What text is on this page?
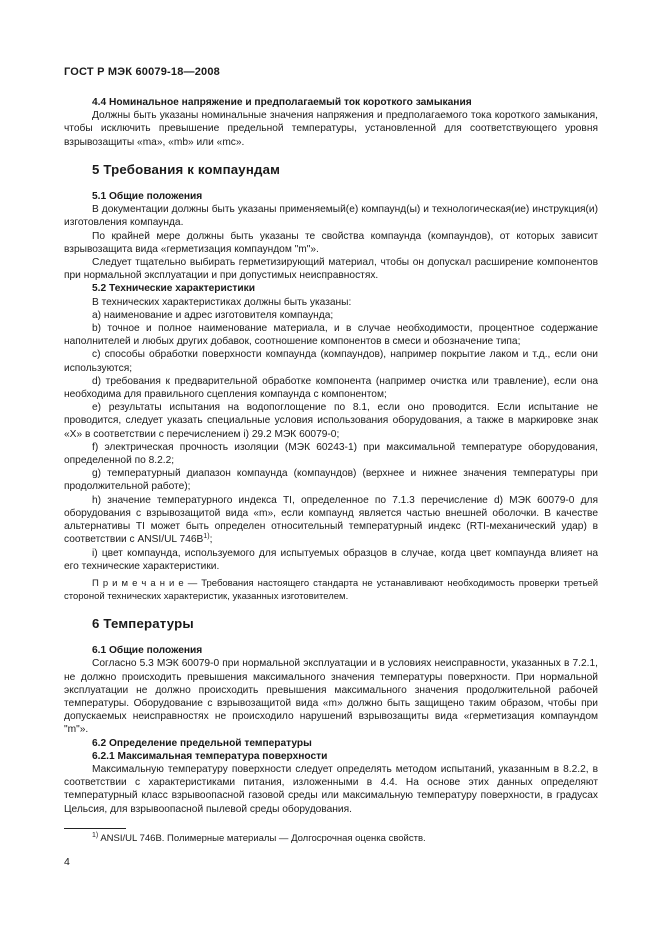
ГОСТ Р МЭК 60079-18—2008

4.4 Номинальное напряжение и предполагаемый ток короткого замыкания

Должны быть указаны номинальные значения напряжения и предполагаемого тока короткого замыкания, чтобы исключить превышение предельной температуры, установленной для соответствующего уровня взрывозащиты «ma», «mb» или «mc».

5 Требования к компаундам

5.1 Общие положения

В документации должны быть указаны применяемый(е) компаунд(ы) и технологическая(ие) инструкция(и) изготовления компаунда.

По крайней мере должны быть указаны те свойства компаунда (компаундов), от которых зависит взрывозащита вида «герметизация компаундом "m"».

Следует тщательно выбирать герметизирующий материал, чтобы он допускал расширение компонентов при нормальной эксплуатации и при допустимых неисправностях.

5.2 Технические характеристики

В технических характеристиках должны быть указаны:

a) наименование и адрес изготовителя компаунда;

b) точное и полное наименование материала, и в случае необходимости, процентное содержание наполнителей и любых других добавок, соотношение компонентов в смеси и обозначение типа;

c) способы обработки поверхности компаунда (компаундов), например покрытие лаком и т.д., если они используются;

d) требования к предварительной обработке компонента (например очистка или травление), если она необходима для правильного сцепления компаунда с компонентом;

e) результаты испытания на водопоглощение по 8.1, если оно проводится. Если испытание не проводится, следует указать специальные условия использования оборудования, а также в маркировке знак «X» в соответствии с перечислением i) 29.2 МЭК 60079-0;

f) электрическая прочность изоляции (МЭК 60243-1) при максимальной температуре оборудования, определенной по 8.2.2;

g) температурный диапазон компаунда (компаундов) (верхнее и нижнее значения температуры при продолжительной работе);

h) значение температурного индекса TI, определенное по 7.1.3 перечисление d) МЭК 60079-0 для оборудования с взрывозащитой вида «m», если компаунд является частью внешней оболочки. В качестве альтернативы TI может быть определен относительный температурный индекс (RTI-механический удар) в соответствии с ANSI/UL $746B^{1)}$;

i) цвет компаунда, используемого для испытуемых образцов в случае, когда цвет компаунда влияет на его технические характеристики.

П р и м е ч а н и е — Требования настоящего стандарта не устанавливают необходимость проверки третьей стороной технических характеристик, указанных изготовителем.

6 Температуры

6.1 Общие положения

Согласно 5.3 МЭК 60079-0 при нормальной эксплуатации и в условиях неисправности, указанных в 7.2.1, не должно происходить превышения максимального значения температуры поверхности. При нормальной эксплуатации не должно происходить превышения максимального значения продолжительной рабочей температуры. Оборудование с взрывозащитой вида «m» должно быть защищено таким образом, чтобы при допускаемых неисправностях не происходило нарушений взрывозащиты вида «герметизация компаундом "m"».

6.2 Определение предельной температуры

6.2.1 Максимальная температура поверхности

Максимальную температуру поверхности следует определять методом испытаний, указанным в 8.2.2, в соответствии с характеристиками питания, изложенными в 4.4. На основе этих данных определяют температурный класс взрывоопасной газовой среды или максимальную температуру поверхности, в градусах Цельсия, для взрывоопасной пылевой среды оборудования.

$^{1)}$ ANSI/UL 746B. Полимерные материалы — Долгосрочная оценка свойств.

4
